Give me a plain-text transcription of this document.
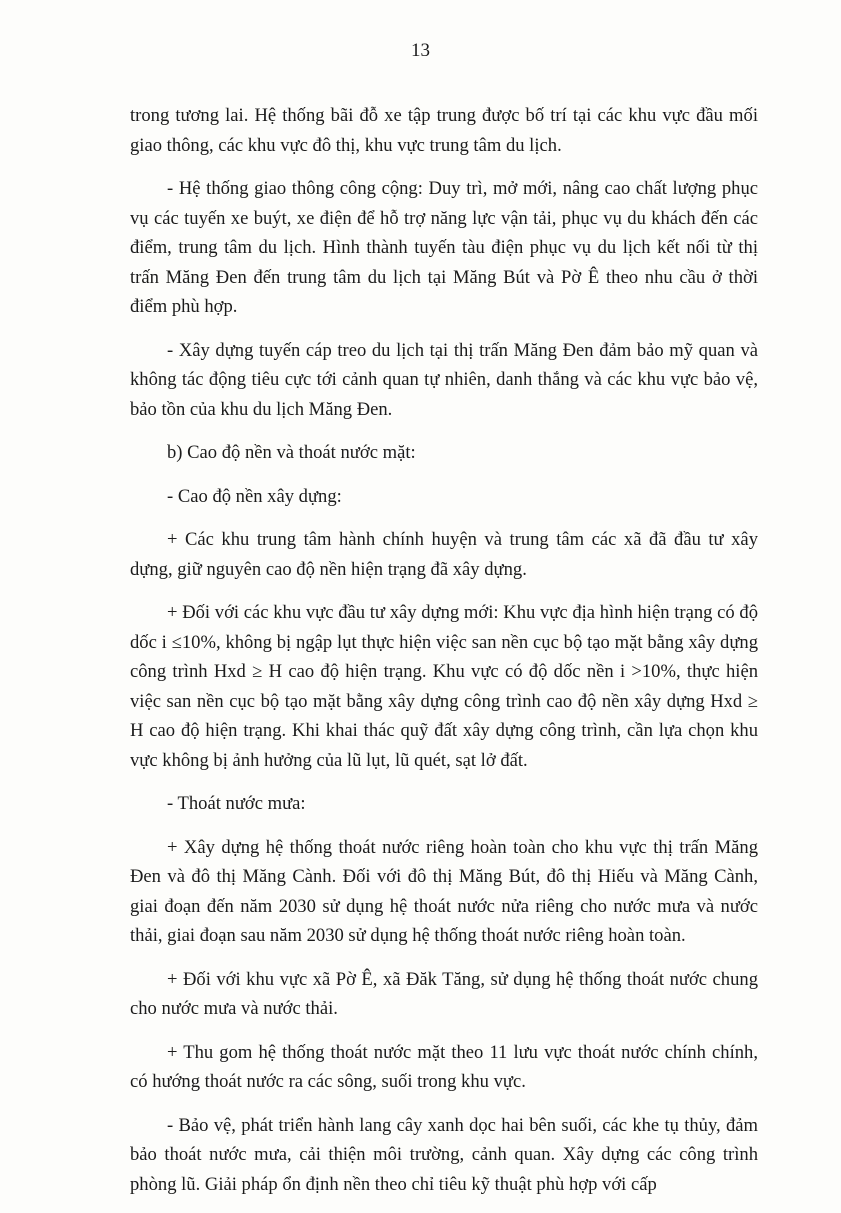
13

trong tương lai. Hệ thống bãi đỗ xe tập trung được bố trí tại các khu vực đầu mối giao thông, các khu vực đô thị, khu vực trung tâm du lịch.

- Hệ thống giao thông công cộng: Duy trì, mở mới, nâng cao chất lượng phục vụ các tuyến xe buýt, xe điện để hỗ trợ năng lực vận tải, phục vụ du khách đến các điểm, trung tâm du lịch. Hình thành tuyến tàu điện phục vụ du lịch kết nối từ thị trấn Măng Đen đến trung tâm du lịch tại Măng Bút và Pờ Ê theo nhu cầu ở thời điểm phù hợp.

- Xây dựng tuyến cáp treo du lịch tại thị trấn Măng Đen đảm bảo mỹ quan và không tác động tiêu cực tới cảnh quan tự nhiên, danh thắng và các khu vực bảo vệ, bảo tồn của khu du lịch Măng Đen.

b) Cao độ nền và thoát nước mặt:

- Cao độ nền xây dựng:

+ Các khu trung tâm hành chính huyện và trung tâm các xã đã đầu tư xây dựng, giữ nguyên cao độ nền hiện trạng đã xây dựng.

+ Đối với các khu vực đầu tư xây dựng mới: Khu vực địa hình hiện trạng có độ dốc i ≤10%, không bị ngập lụt thực hiện việc san nền cục bộ tạo mặt bằng xây dựng công trình Hxd ≥ H cao độ hiện trạng. Khu vực có độ dốc nền i >10%, thực hiện việc san nền cục bộ tạo mặt bằng xây dựng công trình cao độ nền xây dựng Hxd ≥ H cao độ hiện trạng. Khi khai thác quỹ đất xây dựng công trình, cần lựa chọn khu vực không bị ảnh hưởng của lũ lụt, lũ quét, sạt lở đất.

- Thoát nước mưa:

+ Xây dựng hệ thống thoát nước riêng hoàn toàn cho khu vực thị trấn Măng Đen và đô thị Măng Cành. Đối với đô thị Măng Bút, đô thị Hiếu và Măng Cành, giai đoạn đến năm 2030 sử dụng hệ thoát nước nửa riêng cho nước mưa và nước thải, giai đoạn sau năm 2030 sử dụng hệ thống thoát nước riêng hoàn toàn.

+ Đối với khu vực xã Pờ Ê, xã Đăk Tăng, sử dụng hệ thống thoát nước chung cho nước mưa và nước thải.

+ Thu gom hệ thống thoát nước mặt theo 11 lưu vực thoát nước chính chính, có hướng thoát nước ra các sông, suối trong khu vực.

- Bảo vệ, phát triển hành lang cây xanh dọc hai bên suối, các khe tụ thủy, đảm bảo thoát nước mưa, cải thiện môi trường, cảnh quan. Xây dựng các công trình phòng lũ. Giải pháp ổn định nền theo chỉ tiêu kỹ thuật phù hợp với cấp
